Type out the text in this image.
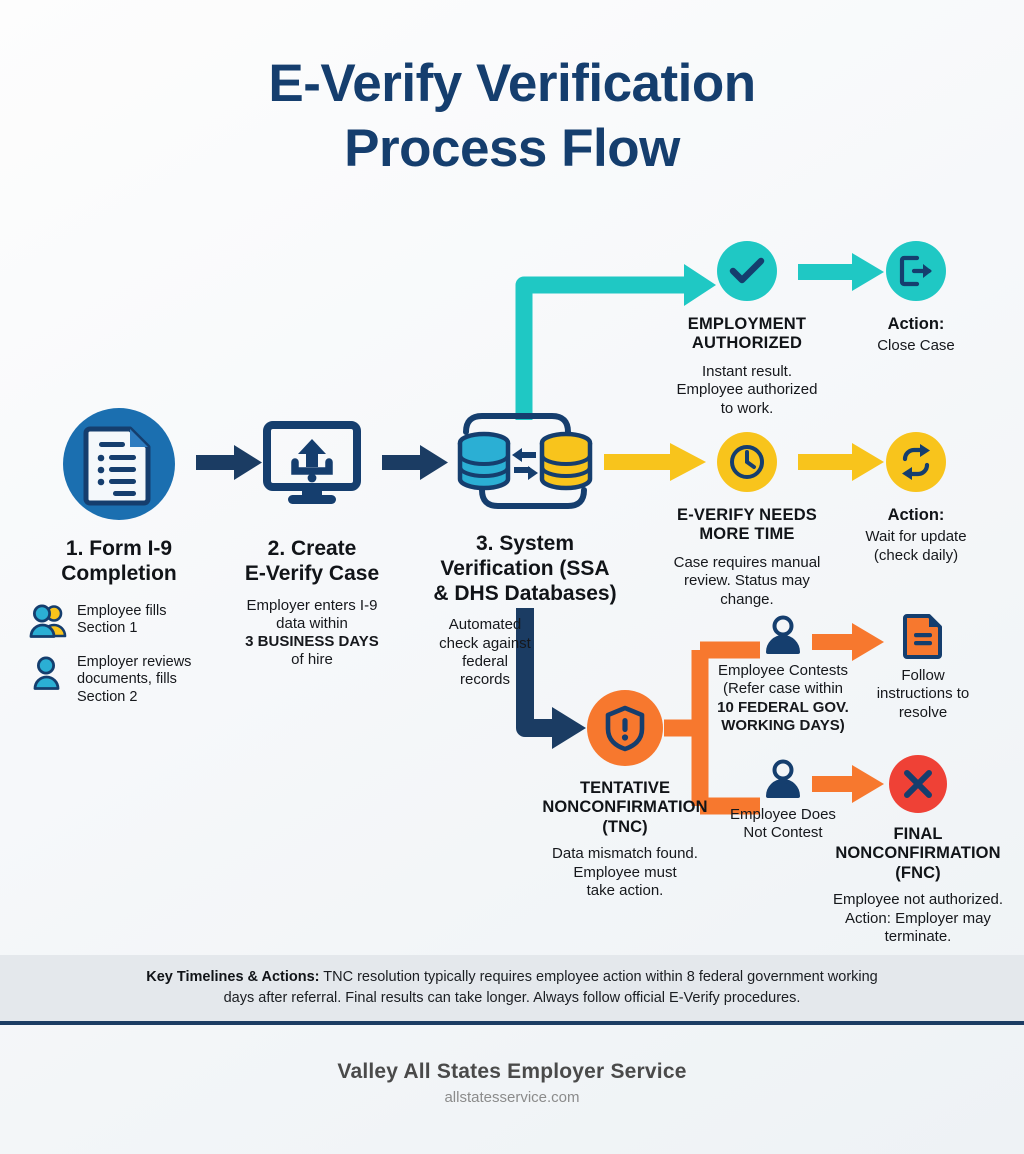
E-Verify Verification
Process Flow
1. Form I-9
Completion
Employee fills
Section 1
Employer reviews
documents, fills
Section 2
2. Create
E-Verify Case
Employer enters I-9
data within
3 BUSINESS DAYS
of hire
3. System
Verification (SSA
& DHS Databases)
Automated
check against
federal
records
EMPLOYMENT
AUTHORIZED
Instant result.
Employee authorized
to work.
Action:
Close Case
E-VERIFY NEEDS
MORE TIME
Case requires manual
review. Status may
change.
Action:
Wait for update
(check daily)
TENTATIVE
NONCONFIRMATION
(TNC)
Data mismatch found.
Employee must
take action.
Employee Contests
(Refer case within
10 FEDERAL GOV.
WORKING DAYS)
Follow
instructions to
resolve
Employee Does
Not Contest	FINAL
NONCONFIRMATION
(FNC)
Employee not authorized.
Action: Employer may
terminate.
Key Timelines & Actions: TNC resolution typically requires employee action within 8 federal government working
days after referral. Final results can take longer. Always follow official E-Verify procedures.
Valley All States Employer Service
allstatesservice.com
